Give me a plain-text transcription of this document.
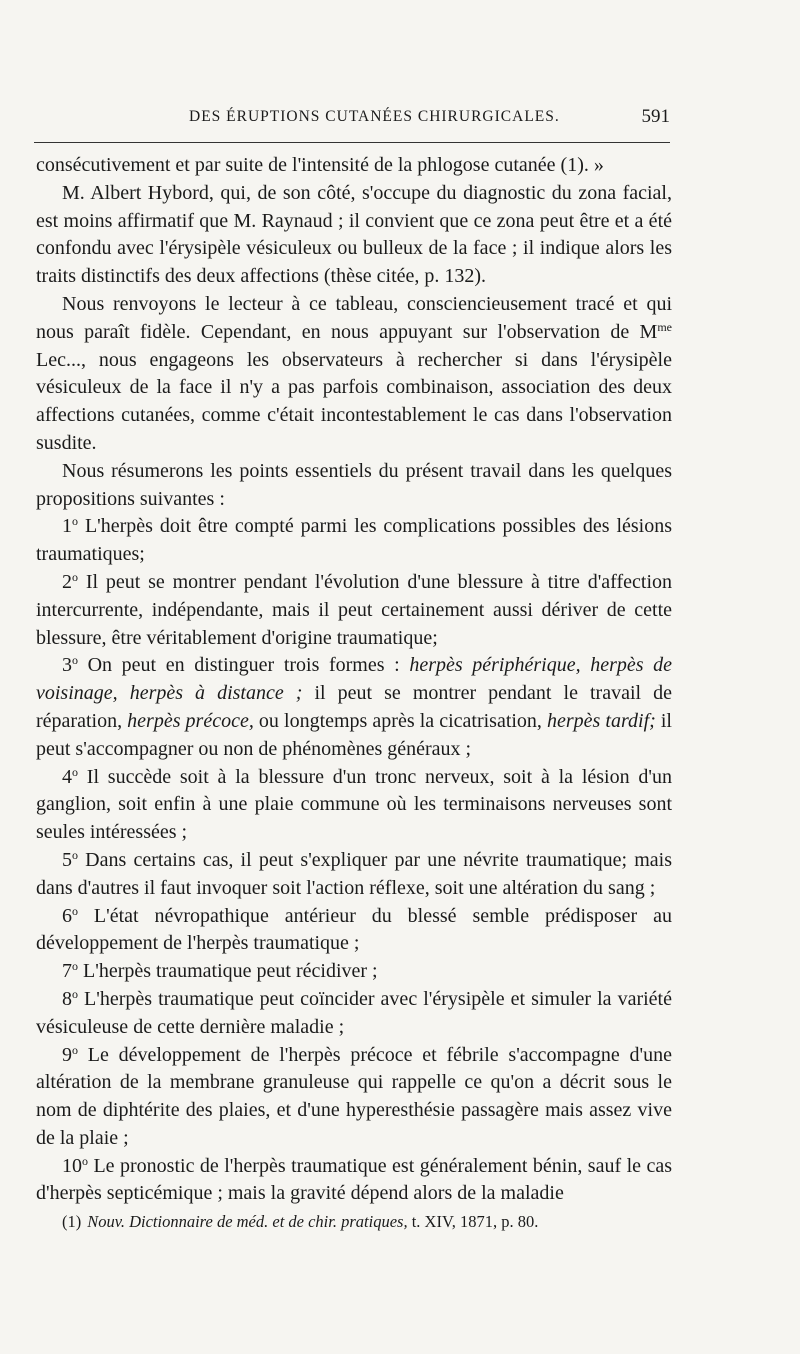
DES ÉRUPTIONS CUTANÉES CHIRURGICALES.	591

consécutivement et par suite de l'intensité de la phlogose cutanée (1). »

M. Albert Hybord, qui, de son côté, s'occupe du diagnostic du zona facial, est moins affirmatif que M. Raynaud ; il convient que ce zona peut être et a été confondu avec l'érysipèle vésiculeux ou bulleux de la face ; il indique alors les traits distinctifs des deux affections (thèse citée, p. 132).

Nous renvoyons le lecteur à ce tableau, consciencieusement tracé et qui nous paraît fidèle. Cependant, en nous appuyant sur l'observation de $M^{me}$ Lec..., nous engageons les observateurs à rechercher si dans l'érysipèle vésiculeux de la face il n'y a pas parfois combinaison, association des deux affections cutanées, comme c'était incontestablement le cas dans l'observation susdite.

Nous résumerons les points essentiels du présent travail dans les quelques propositions suivantes :

1$^o$ L'herpès doit être compté parmi les complications possibles des lésions traumatiques;

2$^o$ Il peut se montrer pendant l'évolution d'une blessure à titre d'affection intercurrente, indépendante, mais il peut certainement aussi dériver de cette blessure, être véritablement d'origine traumatique;

3$^o$ On peut en distinguer trois formes : herpès périphérique, herpès de voisinage, herpès à distance ; il peut se montrer pendant le travail de réparation, herpès précoce, ou longtemps après la cicatrisation, herpès tardif; il peut s'accompagner ou non de phénomènes généraux ;

4$^o$ Il succède soit à la blessure d'un tronc nerveux, soit à la lésion d'un ganglion, soit enfin à une plaie commune où les terminaisons nerveuses sont seules intéressées ;

5$^o$ Dans certains cas, il peut s'expliquer par une névrite traumatique; mais dans d'autres il faut invoquer soit l'action réflexe, soit une altération du sang ;

6$^o$ L'état névropathique antérieur du blessé semble prédisposer au développement de l'herpès traumatique ;

7$^o$ L'herpès traumatique peut récidiver ;

8$^o$ L'herpès traumatique peut coïncider avec l'érysipèle et simuler la variété vésiculeuse de cette dernière maladie ;

9$^o$ Le développement de l'herpès précoce et fébrile s'accompagne d'une altération de la membrane granuleuse qui rappelle ce qu'on a décrit sous le nom de diphtérite des plaies, et d'une hyperesthésie passagère mais assez vive de la plaie ;

10$^o$ Le pronostic de l'herpès traumatique est généralement bénin, sauf le cas d'herpès septicémique ; mais la gravité dépend alors de la maladie

(1) Nouv. Dictionnaire de méd. et de chir. pratiques, t. XIV, 1871, p. 80.
